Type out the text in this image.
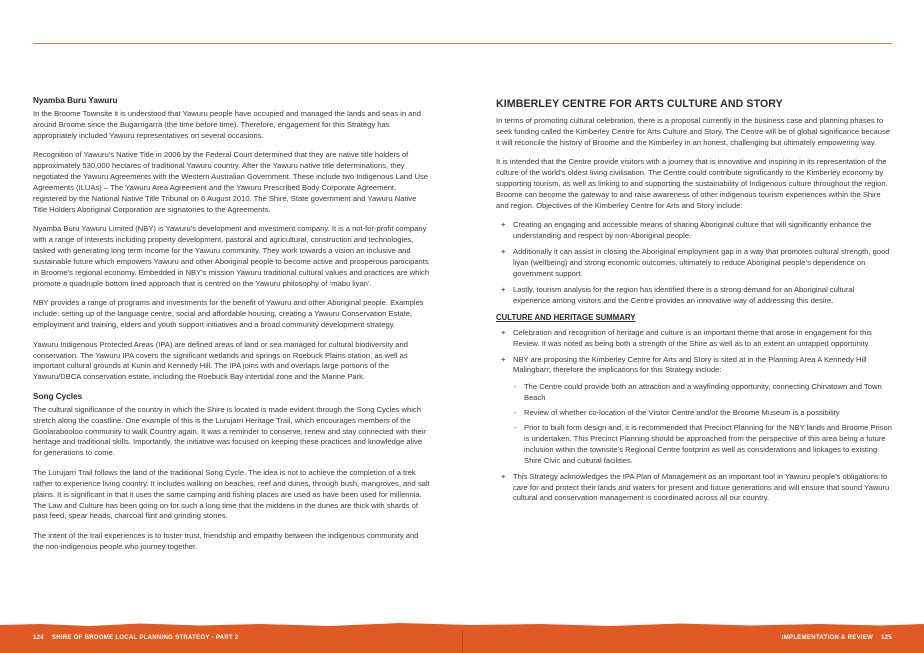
Nyamba Buru Yawuru

In the Broome Townsite it is understood that Yawuru people have occupied and managed the lands and seas in and around Broome since the Bugarrigarra (the time before time). Therefore, engagement for this Strategy has appropriately included Yawuru representatives on several occasions.

Recognition of Yawuru’s Native Title in 2006 by the Federal Court determined that they are native title holders of approximately 530,000 hectares of traditional Yawuru country. After the Yawuru native title determinations, they negotiated the Yawuru Agreements with the Western Australian Government. These include two Indigenous Land Use Agreements (ILUAs) – The Yawuru Area Agreement and the Yawuru Prescribed Body Corporate Agreement, registered by the National Native Title Tribunal on 6 August 2010. The Shire, State government and Yawuru Native Title Holders Aboriginal Corporation are signatories to the Agreements.

Nyamba Buru Yawuru Limited (NBY) is Yawuru’s development and investment company. It is a not-for-profit company with a range of interests including property development, pastoral and agricultural, construction and technologies, tasked with generating long term income for the Yawuru community. They work towards a vision an inclusive and sustainable future which empowers Yawuru and other Aboriginal people to become active and prosperous participants in Broome’s regional economy. Embedded in NBY’s mission Yawuru traditional cultural values and practices are which promote a quadruple bottom lined approach that is centred on the Yawuru philosophy of ‘mabu liyan’.

NBY provides a range of programs and investments for the benefit of Yawuru and other Aboriginal people. Examples include: setting up of the language centre, social and affordable housing, creating a Yawuru Conservation Estate, employment and training, elders and youth support initiatives and a broad community development strategy.

Yawuru Indigenous Protected Areas (IPA) are defined areas of land or sea managed for cultural biodiversity and conservation. The Yawuru IPA covers the significant wetlands and springs on Roebuck Plains station, as well as important cultural grounds at Kunin and Kennedy Hill. The IPA joins with and overlaps large portions of the Yawuru/DBCA conservation estate, including the Roebuck Bay intertidal zone and the Marine Park.

Song Cycles

The cultural significance of the country in which the Shire is located is made evident through the Song Cycles which stretch along the coastline. One example of this is the Lurujarri Heritage Trail, which encourages members of the Goolarabooloo community to walk Country again. It was a reminder to conserve, renew and stay connected with their heritage and traditional skills. Importantly, the initiative was focused on keeping these practices and knowledge alive for generations to come.

The Lurujarri Trail follows the land of the traditional Song Cycle. The idea is not to achieve the completion of a trek rather to experience living country. It includes walking on beaches, reef and dunes, through bush, mangroves, and salt plains. It is significant in that it uses the same camping and fishing places are used as have been used for millennia. The Law and Culture has been going on for such a long time that the middens in the dunes are thick with shards of past feed, spear heads, charcoal flint and grinding stones.

The intent of the trail experiences is to foster trust, friendship and empathy between the indigenous community and the non-indigenous people who journey together.

KIMBERLEY CENTRE FOR ARTS CULTURE AND STORY

In terms of promoting cultural celebration, there is a proposal currently in the business case and planning phases to seek funding called the Kimberley Centre for Arts Culture and Story. The Centre will be of global significance because it will reconcile the history of Broome and the Kimberley in an honest, challenging but ultimately empowering way.

It is intended that the Centre provide visitors with a journey that is innovative and inspiring in its representation of the culture of the world’s oldest living civilisation. The Centre could contribute significantly to the Kimberley economy by supporting tourism, as well as linking to and supporting the sustainability of Indigenous culture throughout the region. Broome can become the gateway to and raise awareness of other indigenous tourism experiences within the Shire and region. Objectives of the Kimberley Centre for Arts and Story include:

+ Creating an engaging and accessible means of sharing Aboriginal culture that will significantly enhance the understanding and respect by non-Aboriginal people.
+ Additionally it can assist in closing the Aboriginal employment gap in a way that promotes cultural strength, good liyan (wellbeing) and strong economic outcomes, ultimately to reduce Aboriginal people’s dependence on government support.
+ Lastly, tourism analysis for the region has identified there is a strong demand for an Aboriginal cultural experience among visitors and the Centre provides an innovative way of addressing this desire.
CULTURE AND HERITAGE SUMMARY
+ Celebration and recognition of heritage and culture is an important theme that arose in engagement for this Review. It was noted as being both a strength of the Shire as well as to an extent an untapped opportunity.
+ NBY are proposing the Kimberley Centre for Arts and Story is sited at in the Planning Area A Kennedy Hill Malingbarr; therefore the implications for this Strategy include:
- The Centre could provide both an attraction and a wayfinding opportunity, connecting Chinatown and Town Beach
- Review of whether co-location of the Visitor Centre and/or the Broome Museum is a possibility
- Prior to built form design and, it is recommended that Precinct Planning for the NBY lands and Broome Prison is undertaken. This Precinct Planning should be approached from the perspective of this area being a future inclusion within the townsite’s Regional Centre footprint as well as considerations and linkages to existing Shire Civic and cultural facilities.
+ This Strategy acknowledges the IPA Plan of Management as an important tool in Yawuru people’s obligations to care for and protect their lands and waters for present and future generations and will ensure that sound Yawuru cultural and conservation management is coordinated across all our country.
124 SHIRE OF BROOME LOCAL PLANNING STRATEGY - PART 2	IMPLEMENTATION & REVIEW 125
